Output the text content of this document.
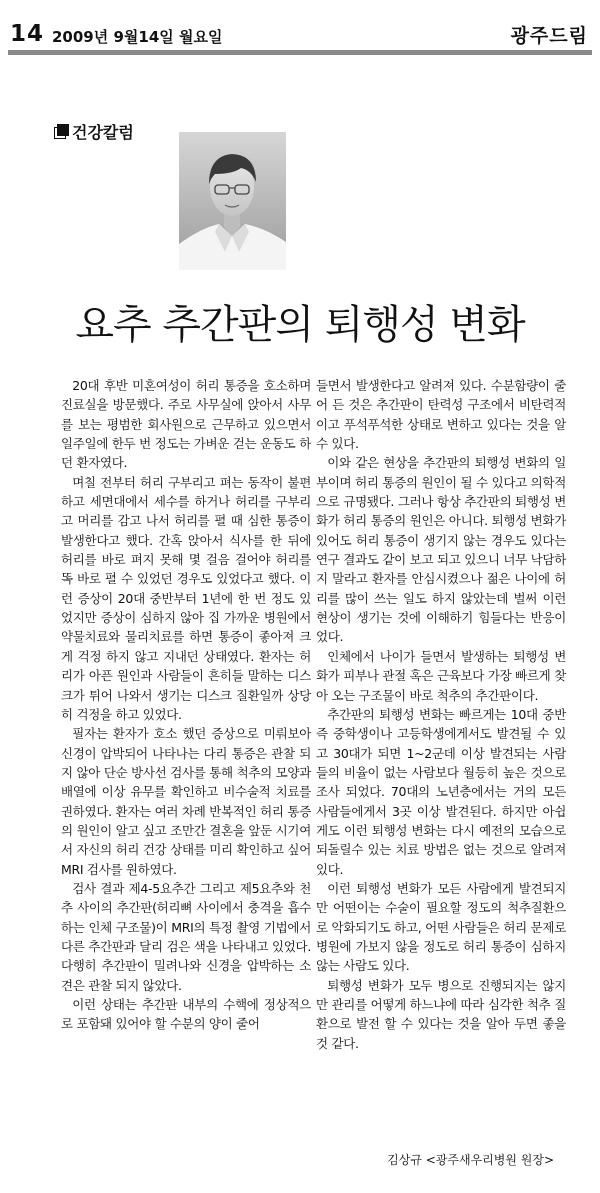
14 2009년 9월14일 월요일	광주드림
건강칼럼
요추 추간판의 퇴행성 변화

20대 후반 미혼여성이 허리 통증을 호소하며 진료실을 방문했다. 주로 사무실에 앉아서 사무를 보는 평범한 회사원으로 근무하고 있으면서 일주일에 한두 번 정도는 가벼운 걷는 운동도 하던 환자였다.

며칠 전부터 허리 구부리고 펴는 동작이 불편하고 세면대에서 세수를 하거나 허리를 구부리고 머리를 감고 나서 허리를 펼 때 심한 통증이 발생한다고 했다. 간혹 앉아서 식사를 한 뒤에 허리를 바로 펴지 못해 몇 걸음 걸어야 허리를 똑 바로 펼 수 있었던 경우도 있었다고 했다. 이런 증상이 20대 중반부터 1년에 한 번 정도 있었지만 증상이 심하지 않아 집 가까운 병원에서 약물치료와 물리치료를 하면 통증이 좋아져 크게 걱정 하지 않고 지내던 상태였다. 환자는 허리가 아픈 원인과 사람들이 흔히들 말하는 디스크가 튀어 나와서 생기는 디스크 질환일까 상당히 걱정을 하고 있었다.

필자는 환자가 호소 했던 증상으로 미뤄보아 신경이 압박되어 나타나는 다리 통증은 관찰 되지 않아 단순 방사선 검사를 통해 척추의 모양과 배열에 이상 유무를 확인하고 비수술적 치료를 권하였다. 환자는 여러 차례 반복적인 허리 통증의 원인이 알고 싶고 조만간 결혼을 앞둔 시기여서 자신의 허리 건강 상태를 미리 확인하고 싶어 MRI 검사를 원하였다.

검사 결과 제4-5요추간 그리고 제5요추와 천추 사이의 추간판(허리뼈 사이에서 충격을 흡수하는 인체 구조물)이 MRI의 특정 촬영 기법에서 다른 추간판과 달리 검은 색을 나타내고 있었다. 다행히 추간판이 밀려나와 신경을 압박하는 소견은 관찰 되지 않았다.

이런 상태는 추간판 내부의 수핵에 정상적으로 포함돼 있어야 할 수분의 양이 줄어

들면서 발생한다고 알려져 있다. 수분함량이 줄어 든 것은 추간판이 탄력성 구조에서 비탄력적이고 푸석푸석한 상태로 변하고 있다는 것을 알 수 있다.

이와 같은 현상을 추간판의 퇴행성 변화의 일부이며 허리 통증의 원인이 될 수 있다고 의학적으로 규명됐다. 그러나 항상 추간판의 퇴행성 변화가 허리 통증의 원인은 아니다. 퇴행성 변화가 있어도 허리 통증이 생기지 않는 경우도 있다는 연구 결과도 같이 보고 되고 있으니 너무 낙담하지 말라고 환자를 안심시켰으나 젊은 나이에 허리를 많이 쓰는 일도 하지 않았는데 벌써 이런 현상이 생기는 것에 이해하기 힘들다는 반응이었다.

인체에서 나이가 들면서 발생하는 퇴행성 변화가 피부나 관절 혹은 근육보다 가장 빠르게 찾아 오는 구조물이 바로 척추의 추간판이다.

추간판의 퇴행성 변화는 빠르게는 10대 중반 즉 중학생이나 고등학생에게서도 발견될 수 있고 30대가 되면 1~2군데 이상 발견되는 사람들의 비율이 없는 사람보다 월등히 높은 것으로 조사 되었다. 70대의 노년층에서는 거의 모든 사람들에게서 3곳 이상 발견된다. 하지만 아쉽게도 이런 퇴행성 변화는 다시 예전의 모습으로 되돌릴수 있는 치료 방법은 없는 것으로 알려져 있다.

이런 퇴행성 변화가 모든 사람에게 발견되지만 어떤이는 수술이 필요할 정도의 척추질환으로 악화되기도 하고, 어떤 사람들은 허리 문제로 병원에 가보지 않을 정도로 허리 통증이 심하지 않는 사람도 있다.

퇴행성 변화가 모두 병으로 진행되지는 않지만 관리를 어떻게 하느냐에 따라 심각한 척추 질환으로 발전 할 수 있다는 것을 알아 두면 좋을 것 같다.

김상규 <광주새우리병원 원장>
